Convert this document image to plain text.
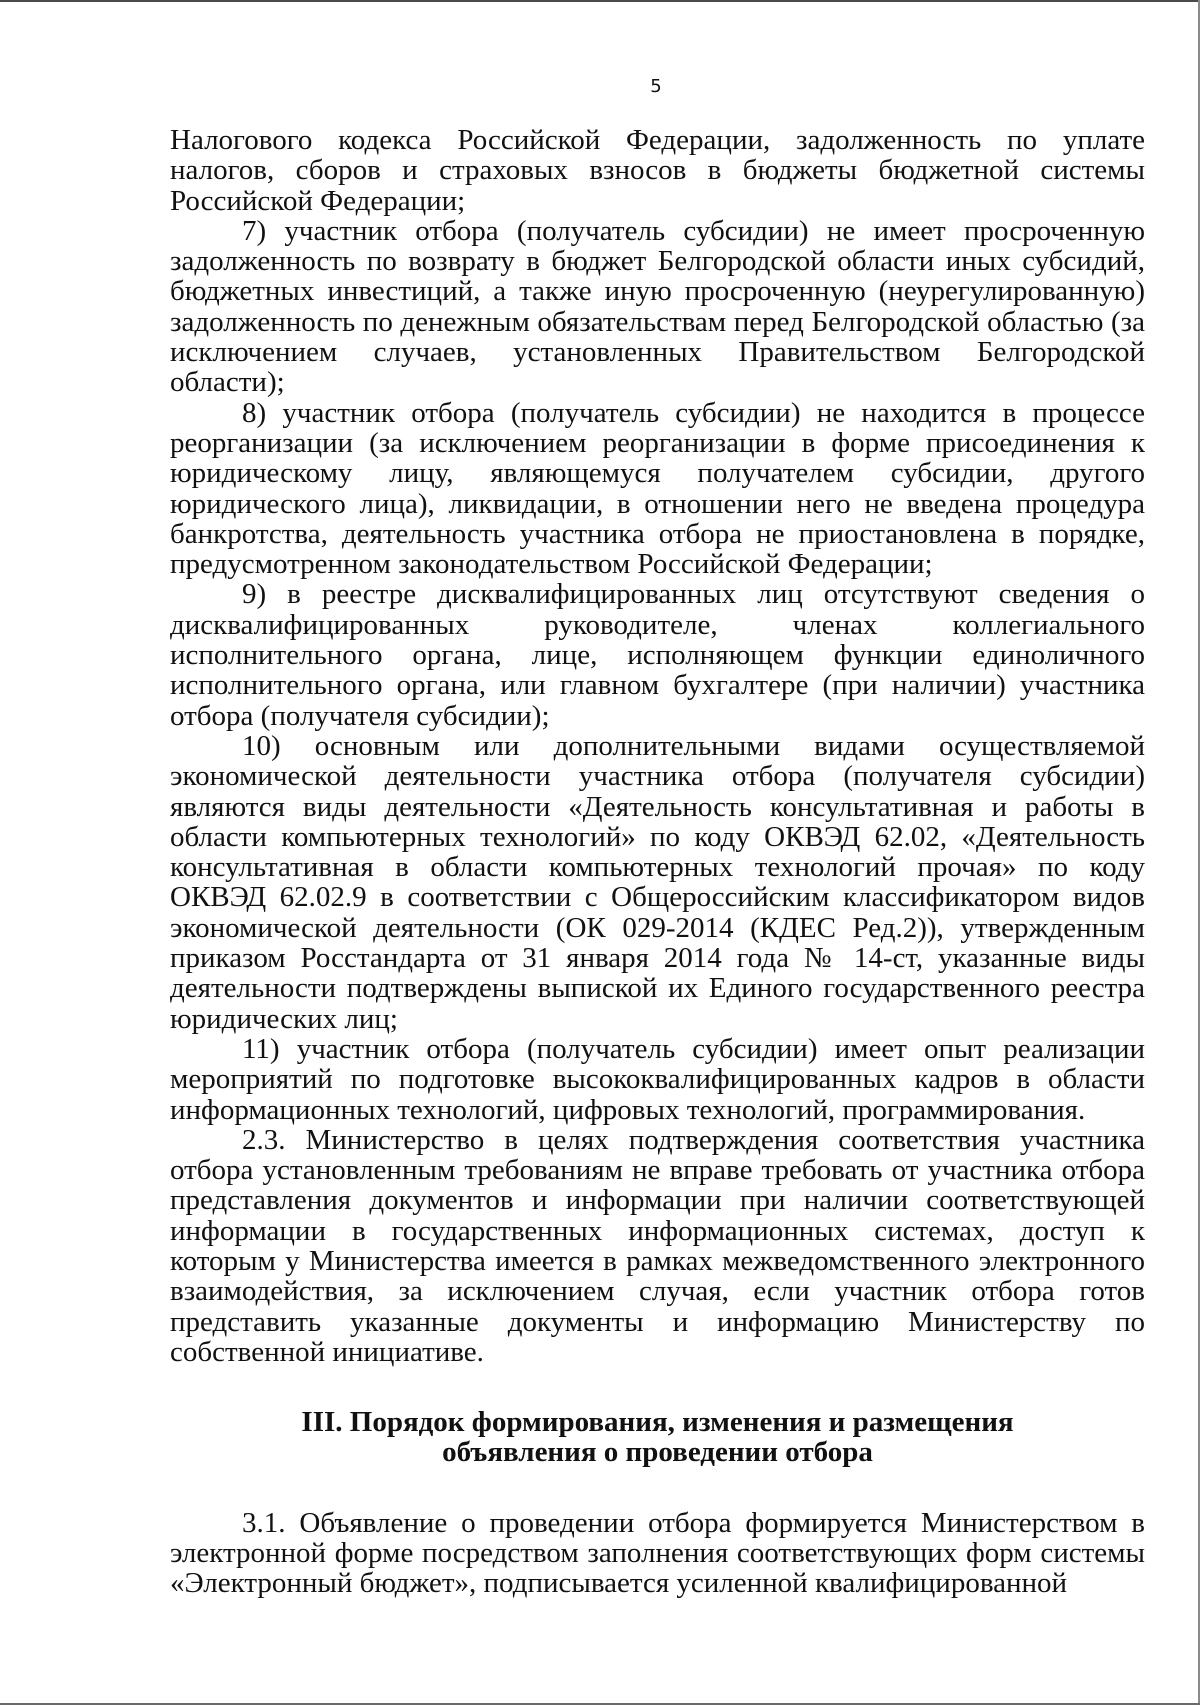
5

Налогового кодекса Российской Федерации, задолженность по уплате налогов, сборов и страховых взносов в бюджеты бюджетной системы Российской Федерации;

7) участник отбора (получатель субсидии) не имеет просроченную задолженность по возврату в бюджет Белгородской области иных субсидий, бюджетных инвестиций, а также иную просроченную (неурегулированную) задолженность по денежным обязательствам перед Белгородской областью (за исключением случаев, установленных Правительством Белгородской области);

8) участник отбора (получатель субсидии) не находится в процессе реорганизации (за исключением реорганизации в форме присоединения к юридическому лицу, являющемуся получателем субсидии, другого юридического лица), ликвидации, в отношении него не введена процедура банкротства, деятельность участника отбора не приостановлена в порядке, предусмотренном законодательством Российской Федерации;

9) в реестре дисквалифицированных лиц отсутствуют сведения о дисквалифицированных руководителе, членах коллегиального исполнительного органа, лице, исполняющем функции единоличного исполнительного органа, или главном бухгалтере (при наличии) участника отбора (получателя субсидии);

10) основным или дополнительными видами осуществляемой экономической деятельности участника отбора (получателя субсидии) являются виды деятельности «Деятельность консультативная и работы в области компьютерных технологий» по коду ОКВЭД 62.02, «Деятельность консультативная в области компьютерных технологий прочая» по коду ОКВЭД 62.02.9 в соответствии с Общероссийским классификатором видов экономической деятельности (ОК 029-2014 (КДЕС Ред.2)), утвержденным приказом Росстандарта от 31 января 2014 года № 14-ст, указанные виды деятельности подтверждены выпиской их Единого государственного реестра юридических лиц;

11) участник отбора (получатель субсидии) имеет опыт реализации мероприятий по подготовке высококвалифицированных кадров в области информационных технологий, цифровых технологий, программирования.

2.3. Министерство в целях подтверждения соответствия участника отбора установленным требованиям не вправе требовать от участника отбора представления документов и информации при наличии соответствующей информации в государственных информационных системах, доступ к которым у Министерства имеется в рамках межведомственного электронного взаимодействия, за исключением случая, если участник отбора готов представить указанные документы и информацию Министерству по собственной инициативе.

III. Порядок формирования, изменения и размещения

объявления о проведении отбора

3.1. Объявление о проведении отбора формируется Министерством в электронной форме посредством заполнения соответствующих форм системы «Электронный бюджет», подписывается усиленной квалифицированной
